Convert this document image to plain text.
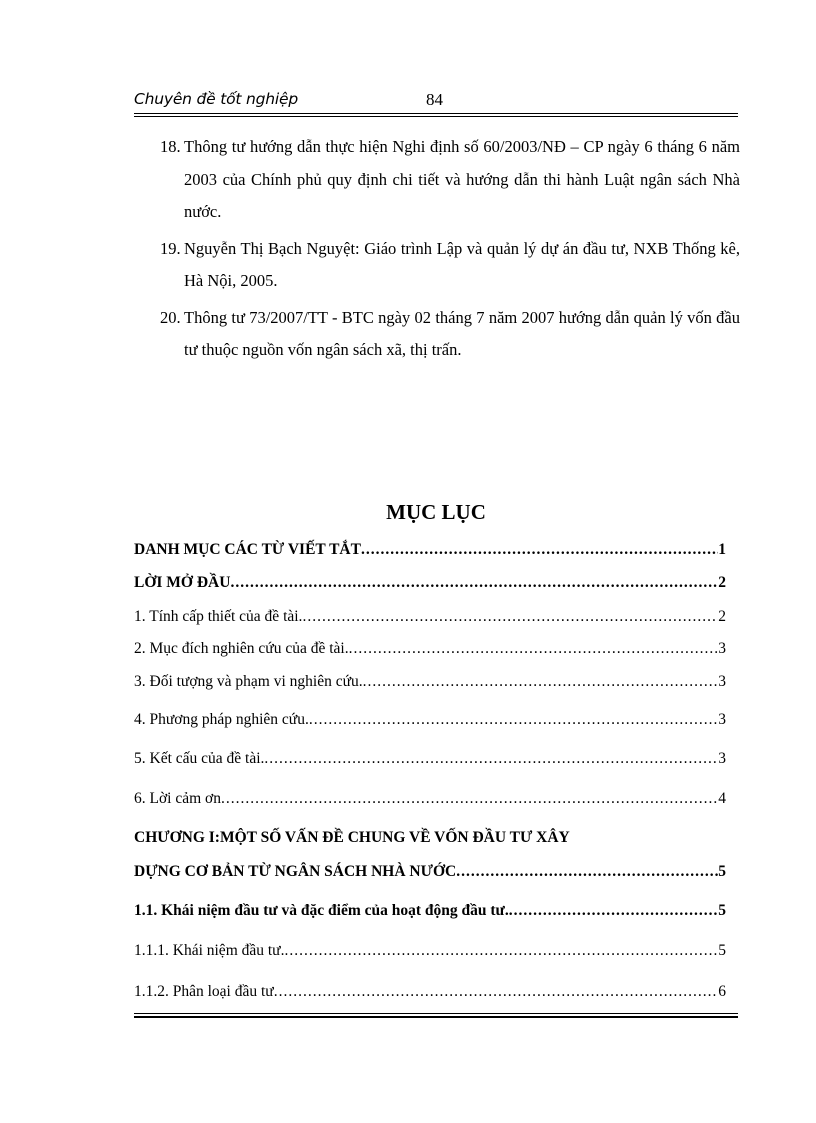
Chuyên đề tốt nghiệp	84
18. Thông tư hướng dẫn thực hiện Nghi định số 60/2003/NĐ – CP ngày 6 tháng 6 năm 2003 của Chính phủ quy định chi tiết và hướng dẫn thi hành Luật ngân sách Nhà nước.
19. Nguyễn Thị Bạch Nguyệt: Giáo trình Lập và quản lý dự án đầu tư, NXB Thống kê, Hà Nội, 2005.
20. Thông tư 73/2007/TT - BTC ngày 02 tháng 7 năm 2007 hướng dẫn quản lý vốn đầu tư thuộc nguồn vốn ngân sách xã, thị trấn.
MỤC LỤC
DANH MỤC CÁC TỪ VIẾT TẮT .....	1
LỜI MỞ ĐẦU .....	2
1. Tính cấp thiết của đề tài. .....	2
2. Mục đích nghiên cứu của đề tài. .....	3
3. Đối tượng và phạm vi nghiên cứu. .....	3
4. Phương pháp nghiên cứu. .....	3
5. Kết cấu của đề tài. .....	3
6. Lời cảm ơn .....	4
CHƯƠNG I:MỘT SỐ VẤN ĐỀ CHUNG VỀ VỐN ĐẦU TƯ XÂY
DỰNG CƠ BẢN TỪ NGÂN SÁCH NHÀ NƯỚC .....	5
1.1. Khái niệm đầu tư và đặc điểm của hoạt động đầu tư. .....	5
1.1.1. Khái niệm đầu tư. .....	5
1.1.2. Phân loại đầu tư .....	6
